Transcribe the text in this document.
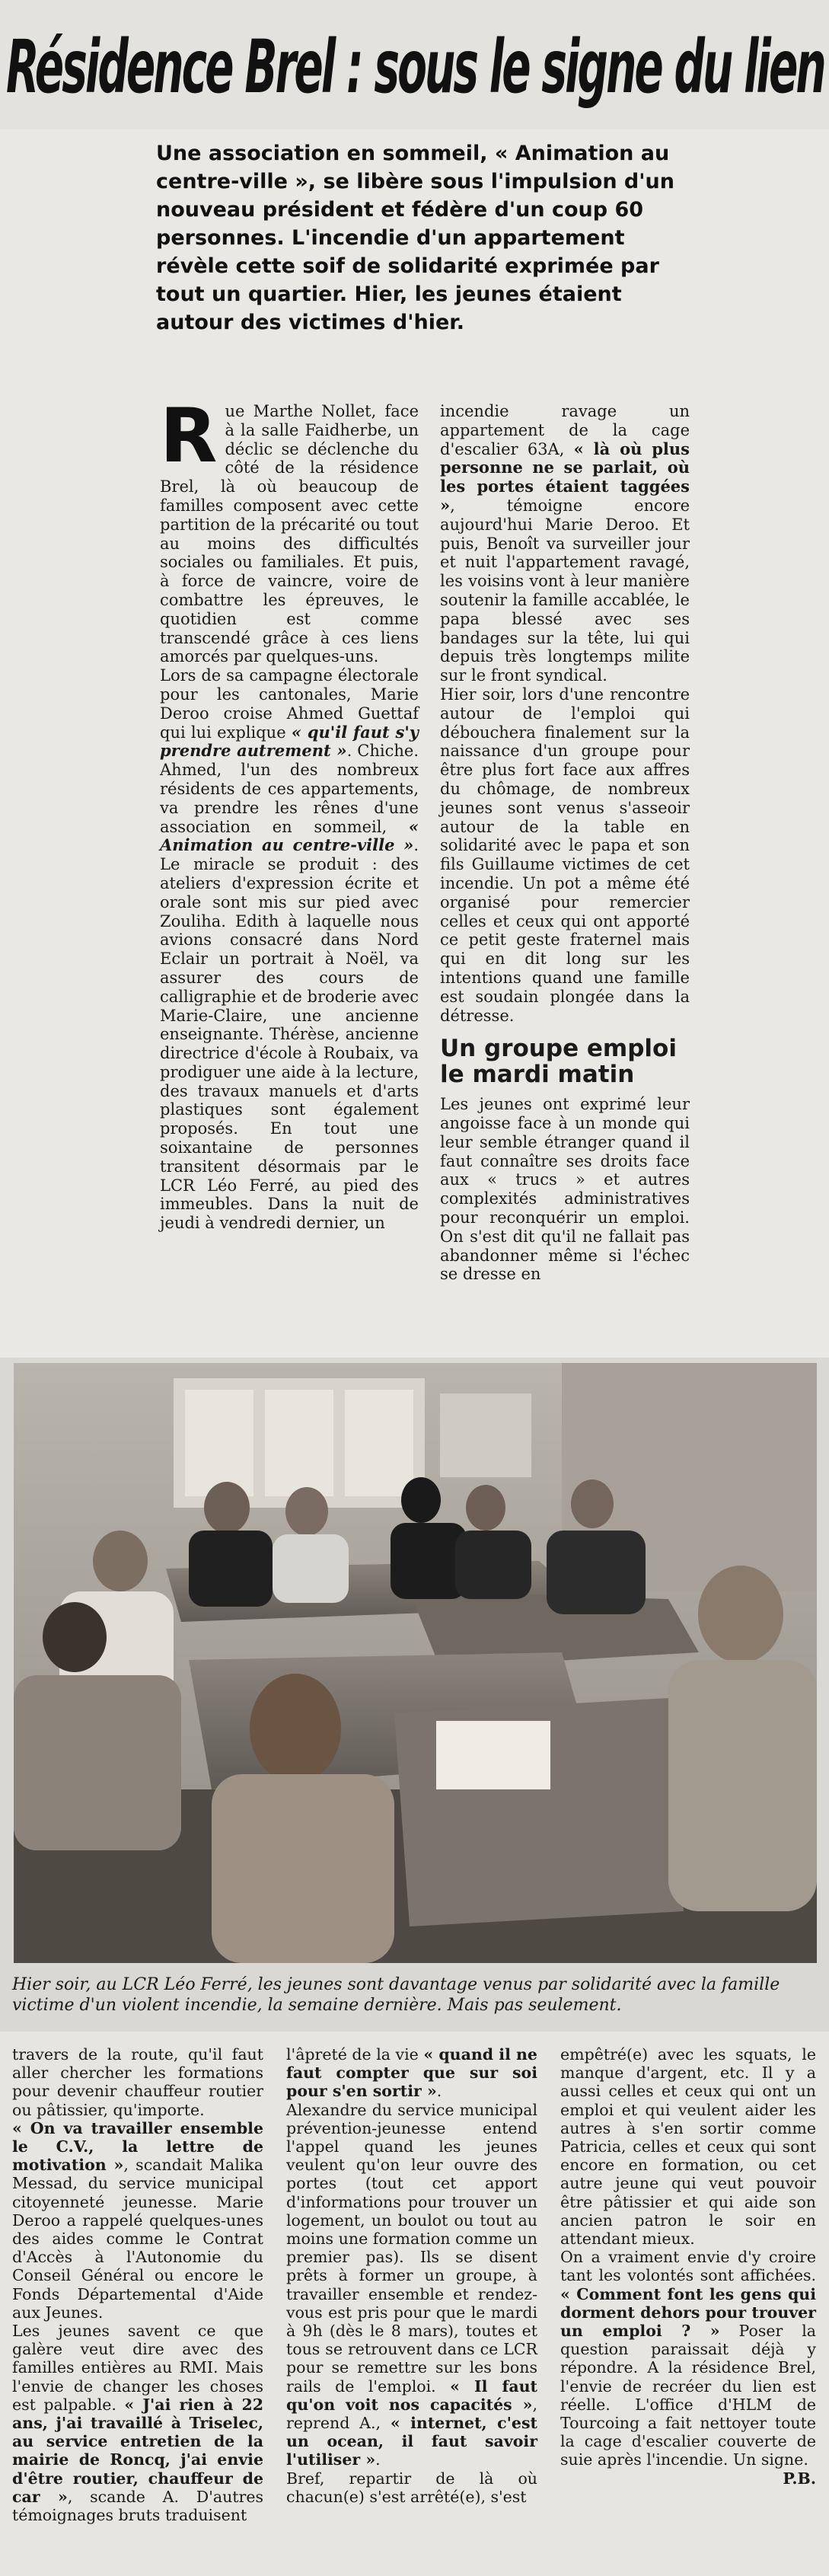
Résidence Brel : sous le signe du lien

Une association en sommeil, « Animation au centre-ville », se libère sous l'impulsion d'un nouveau président et fédère d'un coup 60 personnes. L'incendie d'un appartement révèle cette soif de solidarité exprimée par tout un quartier. Hier, les jeunes étaient autour des victimes d'hier.

Rue Marthe Nollet, face à la salle Faidherbe, un déclic se déclenche du côté de la résidence Brel, là où beaucoup de familles composent avec cette partition de la précarité ou tout au moins des difficultés sociales ou familiales. Et puis, à force de vaincre, voire de combattre les épreuves, le quotidien est comme transcendé grâce à ces liens amorcés par quelques-uns.

Lors de sa campagne électorale pour les cantonales, Marie Deroo croise Ahmed Guettaf qui lui explique « qu'il faut s'y prendre autrement ». Chiche. Ahmed, l'un des nombreux résidents de ces appartements, va prendre les rênes d'une association en sommeil, « Animation au centre-ville ». Le miracle se produit : des ateliers d'expression écrite et orale sont mis sur pied avec Zouliha. Edith à laquelle nous avions consacré dans Nord Eclair un portrait à Noël, va assurer des cours de calligraphie et de broderie avec Marie-Claire, une ancienne enseignante. Thérèse, ancienne directrice d'école à Roubaix, va prodiguer une aide à la lecture, des travaux manuels et d'arts plastiques sont également proposés. En tout une soixantaine de personnes transitent désormais par le LCR Léo Ferré, au pied des immeubles. Dans la nuit de jeudi à vendredi dernier, un

incendie ravage un appartement de la cage d'escalier 63A, « là où plus personne ne se parlait, où les portes étaient taggées », témoigne encore aujourd'hui Marie Deroo. Et puis, Benoît va surveiller jour et nuit l'appartement ravagé, les voisins vont à leur manière soutenir la famille accablée, le papa blessé avec ses bandages sur la tête, lui qui depuis très longtemps milite sur le front syndical.

Hier soir, lors d'une rencontre autour de l'emploi qui débouchera finalement sur la naissance d'un groupe pour être plus fort face aux affres du chômage, de nombreux jeunes sont venus s'asseoir autour de la table en solidarité avec le papa et son fils Guillaume victimes de cet incendie. Un pot a même été organisé pour remercier celles et ceux qui ont apporté ce petit geste fraternel mais qui en dit long sur les intentions quand une famille est soudain plongée dans la détresse.

Un groupe emploi le mardi matin

Les jeunes ont exprimé leur angoisse face à un monde qui leur semble étranger quand il faut connaître ses droits face aux « trucs » et autres complexités administratives pour reconquérir un emploi. On s'est dit qu'il ne fallait pas abandonner même si l'échec se dresse en

Hier soir, au LCR Léo Ferré, les jeunes sont davantage venus par solidarité avec la famille victime d'un violent incendie, la semaine dernière. Mais pas seulement.

travers de la route, qu'il faut aller chercher les formations pour devenir chauffeur routier ou pâtissier, qu'importe.

« On va travailler ensemble le C.V., la lettre de motivation », scandait Malika Messad, du service municipal citoyenneté jeunesse. Marie Deroo a rappelé quelques-unes des aides comme le Contrat d'Accès à l'Autonomie du Conseil Général ou encore le Fonds Départemental d'Aide aux Jeunes.

Les jeunes savent ce que galère veut dire avec des familles entières au RMI. Mais l'envie de changer les choses est palpable. « J'ai rien à 22 ans, j'ai travaillé à Triselec, au service entretien de la mairie de Roncq, j'ai envie d'être routier, chauffeur de car », scande A. D'autres témoignages bruts traduisent

l'âpreté de la vie « quand il ne faut compter que sur soi pour s'en sortir ».

Alexandre du service municipal prévention-jeunesse entend l'appel quand les jeunes veulent qu'on leur ouvre des portes (tout cet apport d'informations pour trouver un logement, un boulot ou tout au moins une formation comme un premier pas). Ils se disent prêts à former un groupe, à travailler ensemble et rendez-vous est pris pour que le mardi à 9h (dès le 8 mars), toutes et tous se retrouvent dans ce LCR pour se remettre sur les bons rails de l'emploi. « Il faut qu'on voit nos capacités », reprend A., « internet, c'est un ocean, il faut savoir l'utiliser ».

Bref, repartir de là où chacun(e) s'est arrêté(e), s'est

empêtré(e) avec les squats, le manque d'argent, etc. Il y a aussi celles et ceux qui ont un emploi et qui veulent aider les autres à s'en sortir comme Patricia, celles et ceux qui sont encore en formation, ou cet autre jeune qui veut pouvoir être pâtissier et qui aide son ancien patron le soir en attendant mieux.

On a vraiment envie d'y croire tant les volontés sont affichées. « Comment font les gens qui dorment dehors pour trouver un emploi ? » Poser la question paraissait déjà y répondre. A la résidence Brel, l'envie de recréer du lien est réelle. L'office d'HLM de Tourcoing a fait nettoyer toute la cage d'escalier couverte de suie après l'incendie. Un signe.
P.B.
